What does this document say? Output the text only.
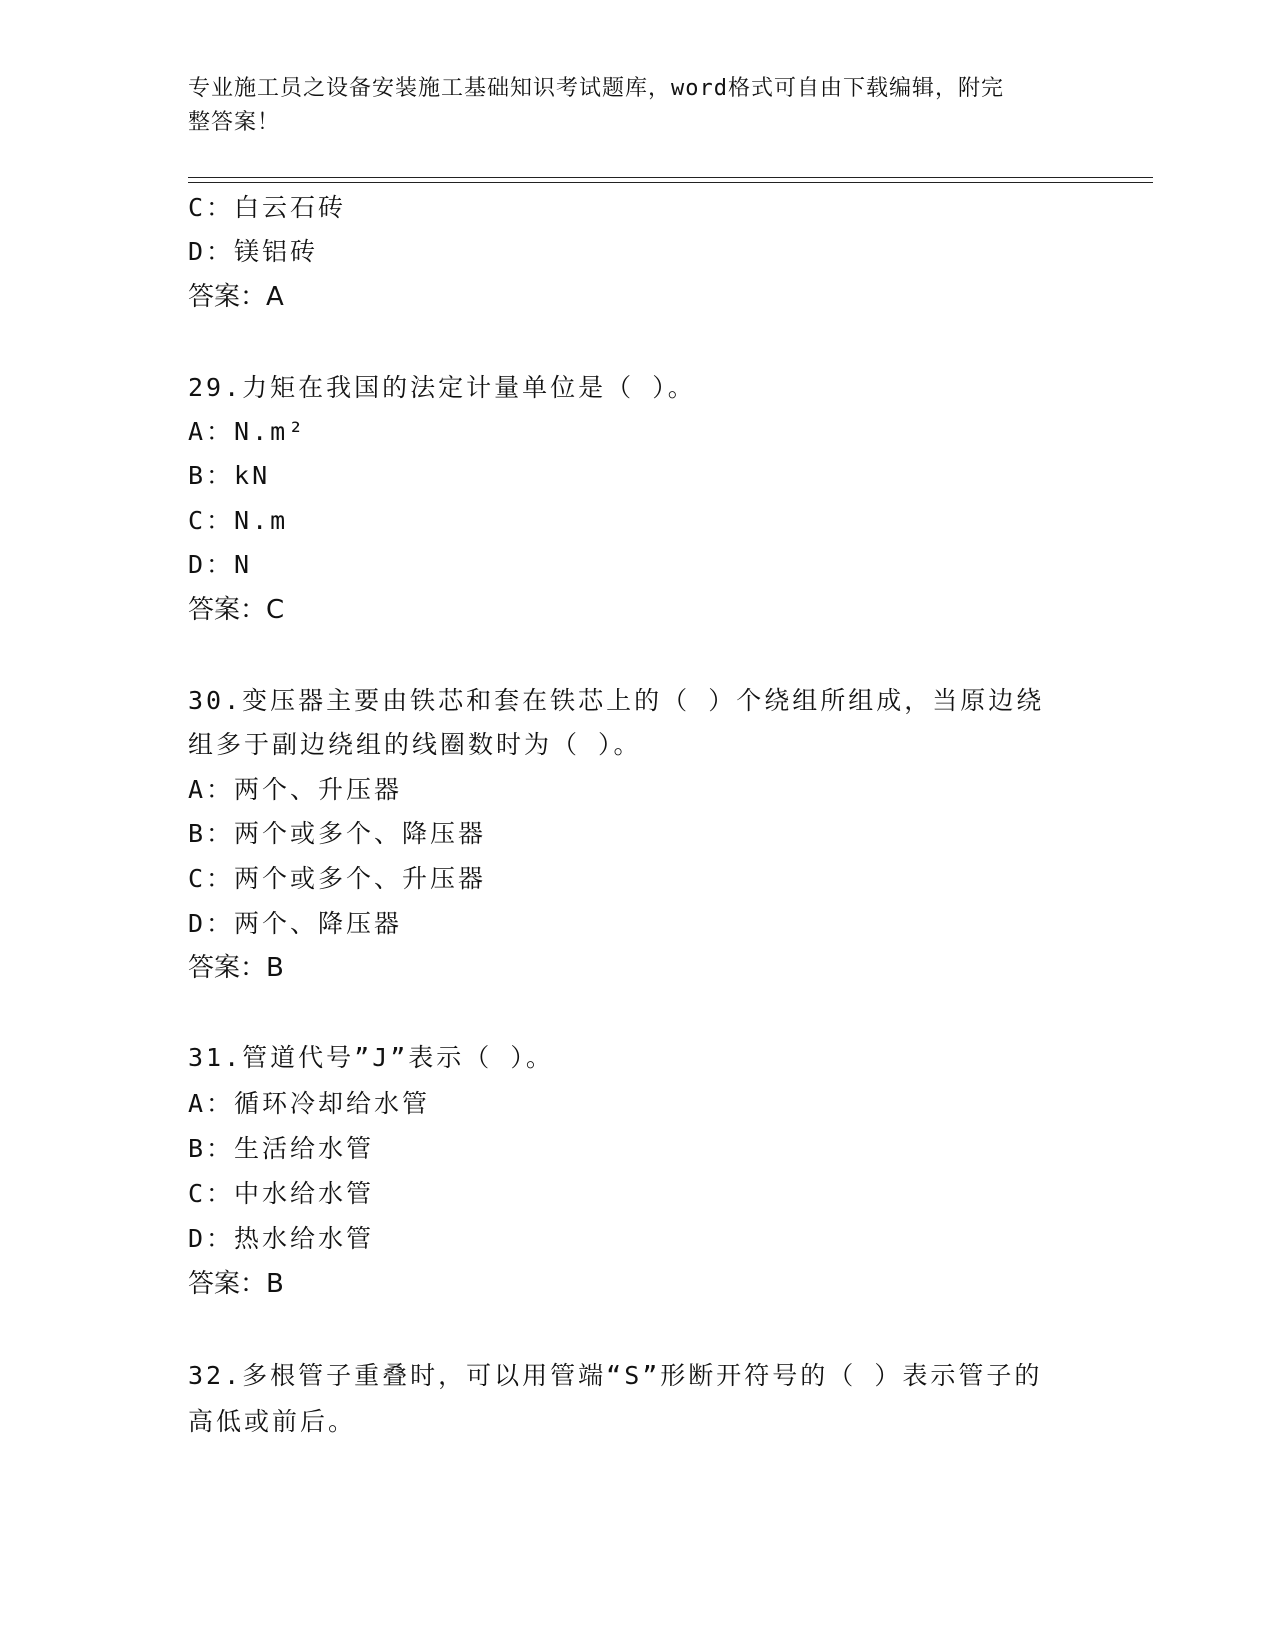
专业施工员之设备安装施工基础知识考试题库，word格式可自由下载编辑，附完
整答案！
C：白云石砖
D：镁铝砖
答案：A
29.力矩在我国的法定计量单位是（ ）。
A：N.m²
B：kN
C：N.m
D：N
答案：C
30.变压器主要由铁芯和套在铁芯上的（ ）个绕组所组成，当原边绕
组多于副边绕组的线圈数时为（ ）。
A：两个、升压器
B：两个或多个、降压器
C：两个或多个、升压器
D：两个、降压器
答案：B
31.管道代号”J”表示（ ）。
A：循环冷却给水管
B：生活给水管
C：中水给水管
D：热水给水管
答案：B
32.多根管子重叠时，可以用管端“S”形断开符号的（ ）表示管子的
高低或前后。
